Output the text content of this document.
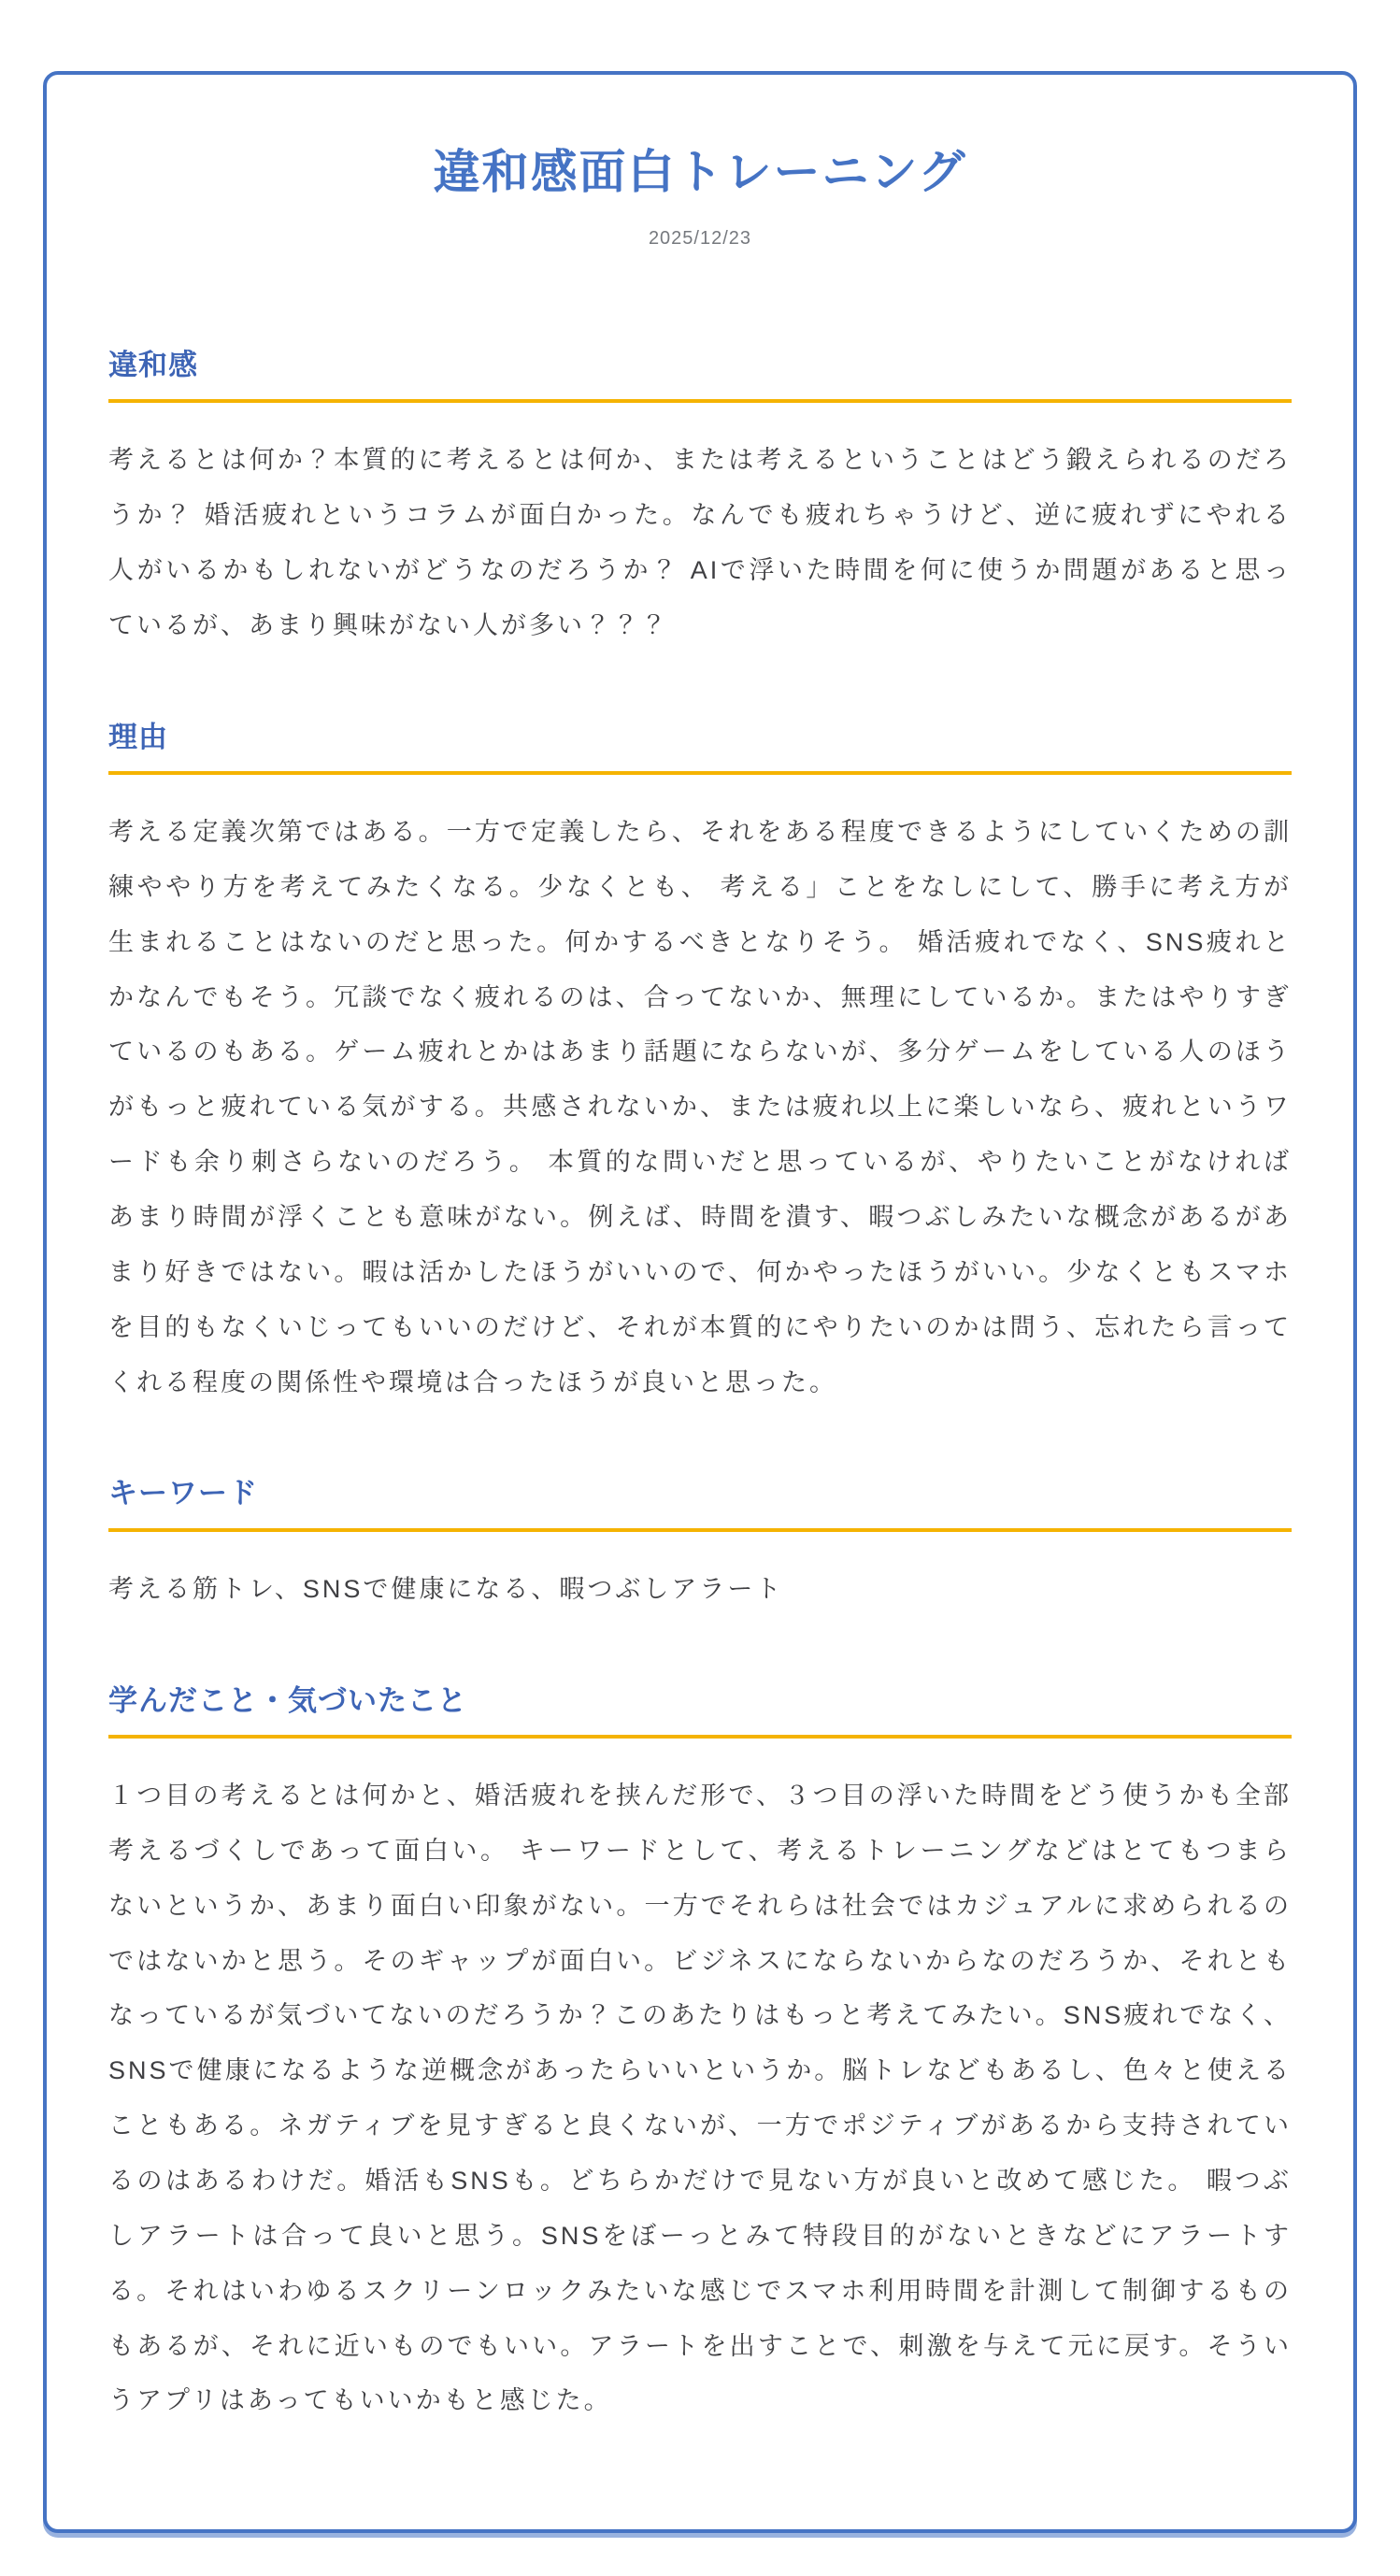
違和感面白トレーニング
2025/12/23
違和感

考えるとは何か？本質的に考えるとは何か、または考えるということはどう鍛えられるのだろうか？ 婚活疲れというコラムが面白かった。なんでも疲れちゃうけど、逆に疲れずにやれる人がいるかもしれないがどうなのだろうか？ AIで浮いた時間を何に使うか問題があると思っているが、あまり興味がない人が多い？？？

理由

考える定義次第ではある。一方で定義したら、それをある程度できるようにしていくための訓練ややり方を考えてみたくなる。少なくとも、 考える」ことをなしにして、勝手に考え方が生まれることはないのだと思った。何かするべきとなりそう。 婚活疲れでなく、SNS疲れとかなんでもそう。冗談でなく疲れるのは、合ってないか、無理にしているか。またはやりすぎているのもある。ゲーム疲れとかはあまり話題にならないが、多分ゲームをしている人のほうがもっと疲れている気がする。共感されないか、または疲れ以上に楽しいなら、疲れというワードも余り刺さらないのだろう。 本質的な問いだと思っているが、やりたいことがなければあまり時間が浮くことも意味がない。例えば、時間を潰す、暇つぶしみたいな概念があるがあまり好きではない。暇は活かしたほうがいいので、何かやったほうがいい。少なくともスマホを目的もなくいじってもいいのだけど、それが本質的にやりたいのかは問う、忘れたら言ってくれる程度の関係性や環境は合ったほうが良いと思った。

キーワード

考える筋トレ、SNSで健康になる、暇つぶしアラート

学んだこと・気づいたこと

１つ目の考えるとは何かと、婚活疲れを挟んだ形で、３つ目の浮いた時間をどう使うかも全部考えるづくしであって面白い。 キーワードとして、考えるトレーニングなどはとてもつまらないというか、あまり面白い印象がない。一方でそれらは社会ではカジュアルに求められるのではないかと思う。そのギャップが面白い。ビジネスにならないからなのだろうか、それともなっているが気づいてないのだろうか？このあたりはもっと考えてみたい。SNS疲れでなく、SNSで健康になるような逆概念があったらいいというか。脳トレなどもあるし、色々と使えることもある。ネガティブを見すぎると良くないが、一方でポジティブがあるから支持されているのはあるわけだ。婚活もSNSも。どちらかだけで見ない方が良いと改めて感じた。 暇つぶしアラートは合って良いと思う。SNSをぼーっとみて特段目的がないときなどにアラートする。それはいわゆるスクリーンロックみたいな感じでスマホ利用時間を計測して制御するものもあるが、それに近いものでもいい。アラートを出すことで、刺激を与えて元に戻す。そういうアプリはあってもいいかもと感じた。
